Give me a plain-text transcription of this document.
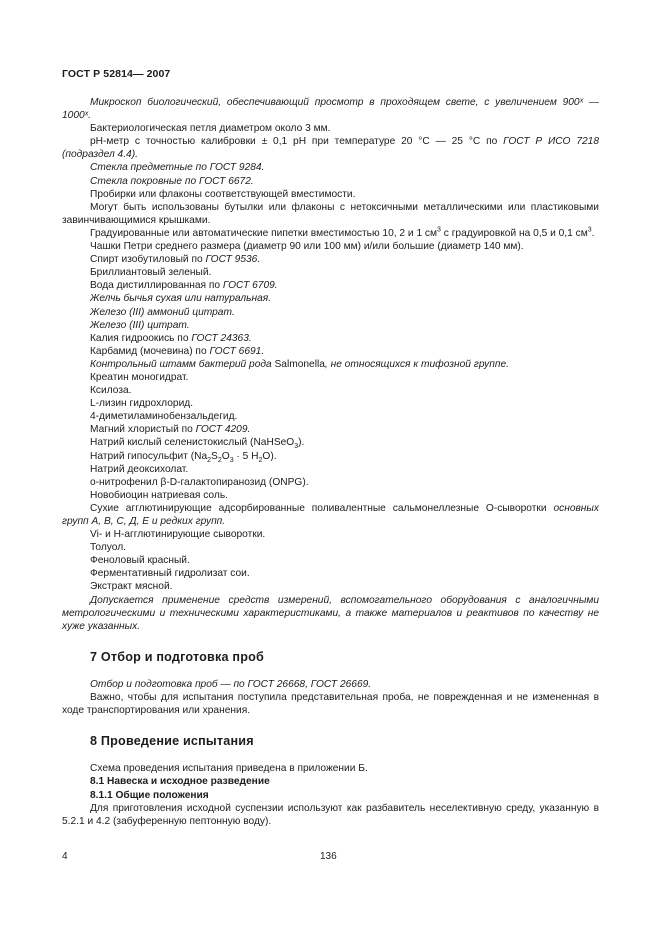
ГОСТ Р 52814— 2007

Микроскоп биологический, обеспечивающий просмотр в проходящем свете, с увеличением 900ˣ — 1000ˣ.

Бактериологическая петля диаметром около 3 мм.

рН-метр с точностью калибровки ± 0,1 рН при температуре 20 °С — 25 °С по ГОСТ Р ИСО 7218 (подраздел 4.4).

Стекла предметные по ГОСТ 9284.

Стекла покровные по ГОСТ 6672.

Пробирки или флаконы соответствующей вместимости.

Могут быть использованы бутылки или флаконы с нетоксичными металлическими или пластиковыми завинчивающимися крышками.

Градуированные или автоматические пипетки вместимостью 10, 2 и 1 $см^3$ с градуировкой на 0,5 и 0,1 $см^3$.

Чашки Петри среднего размера (диаметр 90 или 100 мм) и/или большие (диаметр 140 мм).

Спирт изобутиловый по ГОСТ 9536.

Бриллиантовый зеленый.

Вода дистиллированная по ГОСТ 6709.

Желчь бычья сухая или натуральная.

Железо (III) аммоний цитрат.

Железо (III) цитрат.

Калия гидроокись по ГОСТ 24363.

Карбамид (мочевина) по ГОСТ 6691.

Контрольный штамм бактерий рода Salmonella, не относящихся к тифозной группе.

Креатин моногидрат.

Ксилоза.

L-лизин гидрохлорид.

4-диметиламинобензальдегид.

Магний хлористый по ГОСТ 4209.

Натрий кислый селенистокислый (NaHSeO$_3$).

Натрий гипосульфит ($Na_2S_2O_3 \cdot 5$ $H_2O$).

Натрий деоксихолат.

о-нитрофенил β-D-галактопиранозид (ONPG).

Новобиоцин натриевая соль.

Сухие агглютинирующие адсорбированные поливалентные сальмонеллезные О-сыворотки основных групп А, В, С, Д, Е и редких групп.

Vi- и Н-агглютинирующие сыворотки.

Толуол.

Феноловый красный.

Ферментативный гидролизат сои.

Экстракт мясной.

Допускается применение средств измерений, вспомогательного оборудования с аналогичными метрологическими и техническими характеристиками, а также материалов и реактивов по качеству не хуже указанных.

7 Отбор и подготовка проб

Отбор и подготовка проб — по ГОСТ 26668, ГОСТ 26669.

Важно, чтобы для испытания поступила представительная проба, не поврежденная и не измененная в ходе транспортирования или хранения.

8 Проведение испытания

Схема проведения испытания приведена в приложении Б.

8.1 Навеска и исходное разведение

8.1.1 Общие положения

Для приготовления исходной суспензии используют как разбавитель неселективную среду, указанную в 5.2.1 и 4.2 (забуференную пептонную воду).

4	136
